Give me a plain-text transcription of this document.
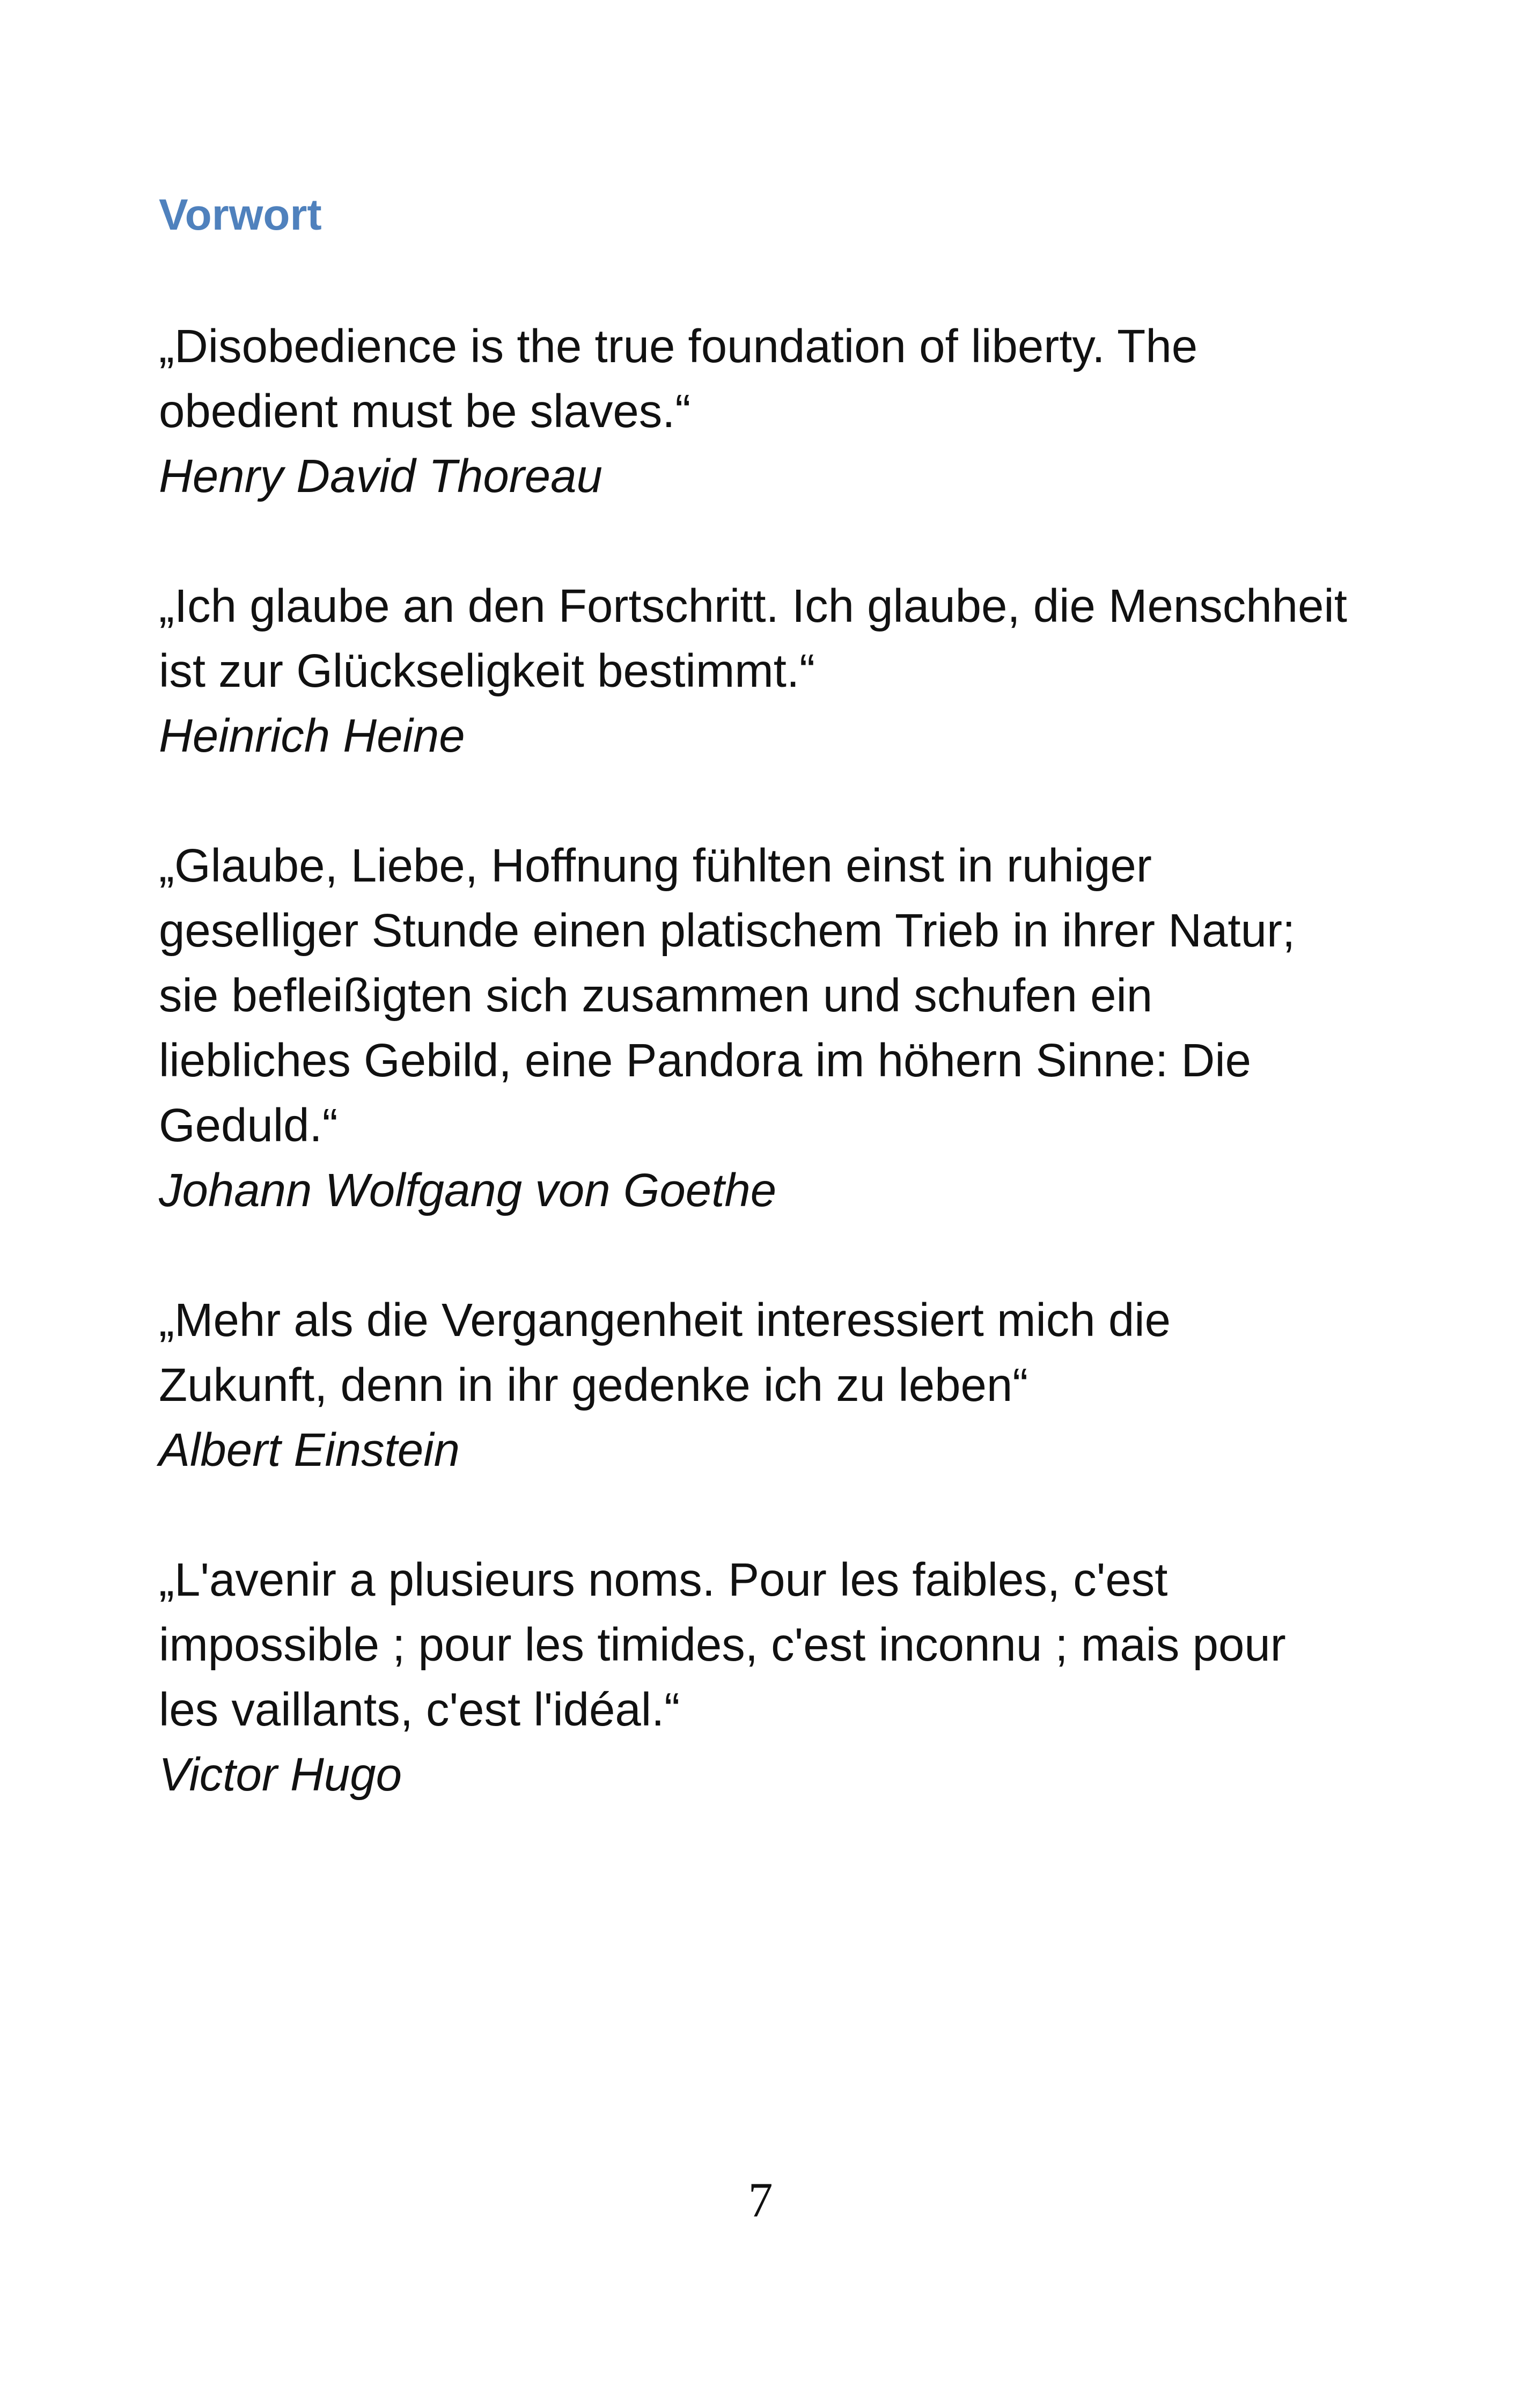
Vorwort
„Disobedience is the true foundation of liberty. The
obedient must be slaves.“
Henry David Thoreau
„Ich glaube an den Fortschritt. Ich glaube, die Menschheit
ist zur Glückseligkeit bestimmt.“
Heinrich Heine
„Glaube, Liebe, Hoffnung fühlten einst in ruhiger
geselliger Stunde einen platischem Trieb in ihrer Natur;
sie befleißigten sich zusammen und schufen ein
liebliches Gebild, eine Pandora im höhern Sinne: Die
Geduld.“
Johann Wolfgang von Goethe
„Mehr als die Vergangenheit interessiert mich die
Zukunft, denn in ihr gedenke ich zu leben“
Albert Einstein
„L'avenir a plusieurs noms. Pour les faibles, c'est
impossible ; pour les timides, c'est inconnu ; mais pour
les vaillants, c'est l'idéal.“
Victor Hugo
7
